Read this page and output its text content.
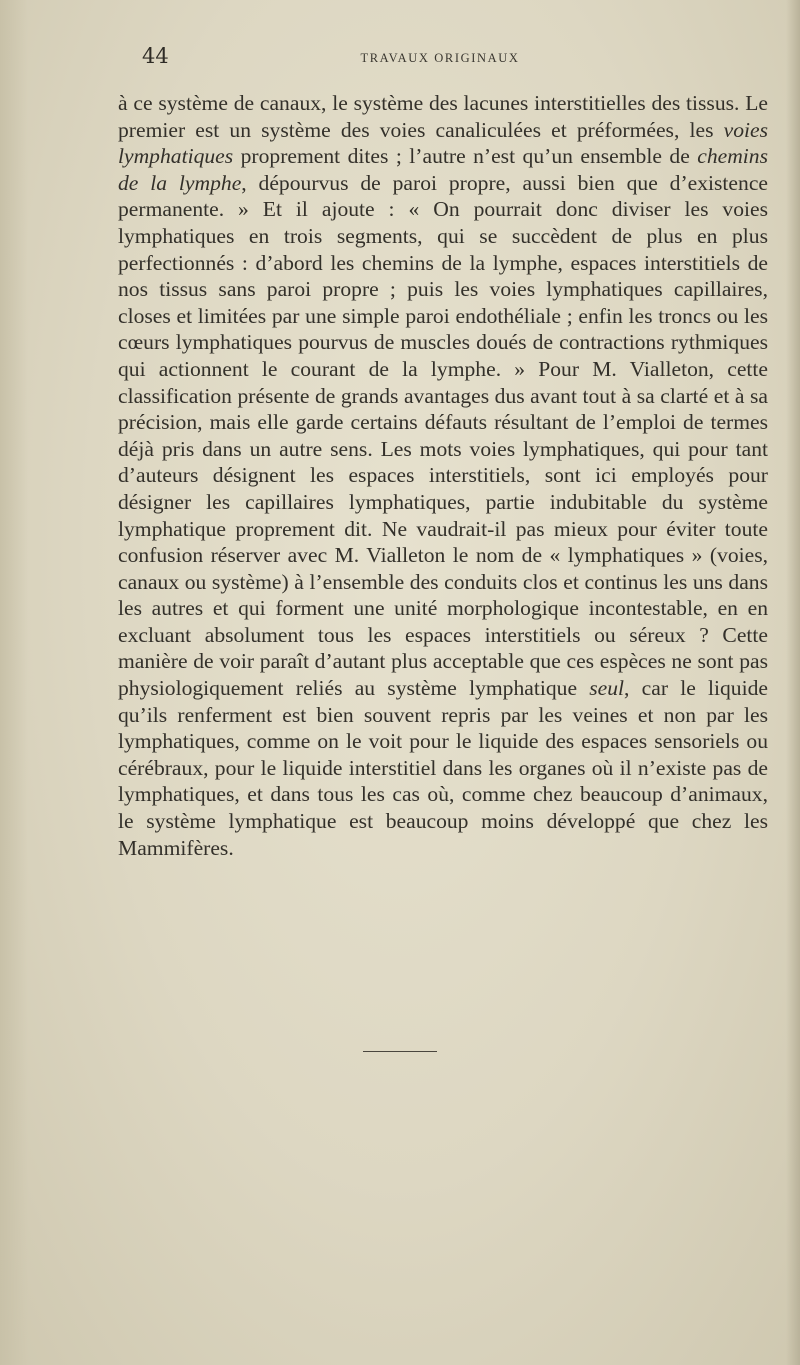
44	TRAVAUX ORIGINAUX

à ce système de canaux, le système des lacunes interstitielles des tissus. Le premier est un système des voies canaliculées et préformées, les voies lymphatiques proprement dites ; l’autre n’est qu’un ensemble de chemins de la lymphe, dépourvus de paroi propre, aussi bien que d’existence permanente. » Et il ajoute : « On pourrait donc diviser les voies lymphatiques en trois segments, qui se succèdent de plus en plus perfectionnés : d’abord les chemins de la lymphe, espaces interstitiels de nos tissus sans paroi propre ; puis les voies lymphatiques capillaires, closes et limitées par une simple paroi endothéliale ; enfin les troncs ou les cœurs lymphatiques pourvus de muscles doués de contractions rythmiques qui actionnent le courant de la lymphe. » Pour M. Vialleton, cette classification présente de grands avantages dus avant tout à sa clarté et à sa précision, mais elle garde certains défauts résultant de l’emploi de termes déjà pris dans un autre sens. Les mots voies lymphatiques, qui pour tant d’auteurs désignent les espaces interstitiels, sont ici employés pour désigner les capillaires lymphatiques, partie indubitable du système lymphatique proprement dit. Ne vaudrait-il pas mieux pour éviter toute confusion réserver avec M. Vialleton le nom de « lymphatiques » (voies, canaux ou système) à l’ensemble des conduits clos et continus les uns dans les autres et qui forment une unité morphologique incontestable, en en excluant absolument tous les espaces interstitiels ou séreux ? Cette manière de voir paraît d’autant plus acceptable que ces espèces ne sont pas physiologiquement reliés au système lymphatique seul, car le liquide qu’ils renferment est bien souvent repris par les veines et non par les lymphatiques, comme on le voit pour le liquide des espaces sensoriels ou cérébraux, pour le liquide interstitiel dans les organes où il n’existe pas de lymphatiques, et dans tous les cas où, comme chez beaucoup d’animaux, le système lymphatique est beaucoup moins développé que chez les Mammifères.
